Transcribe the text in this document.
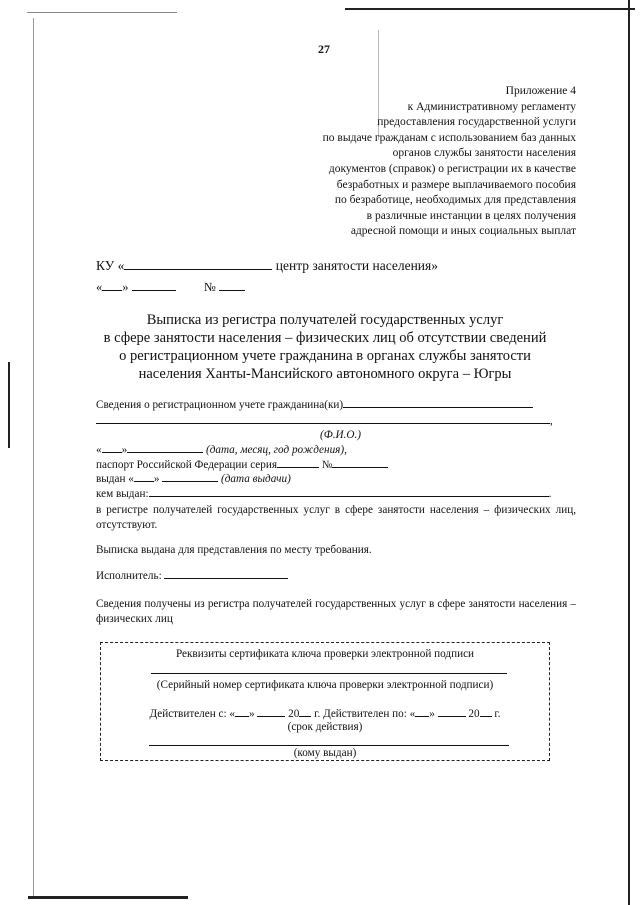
27
Приложение 4
к Административному регламенту
предоставления государственной услуги
по выдаче гражданам с использованием баз данных
органов службы занятости населения
документов (справок) о регистрации их в качестве
безработных и размере выплачиваемого пособия
по безработице, необходимых для представления
в различные инстанции в целях получения
адресной помощи и иных социальных выплат
КУ «	центр занятости населения»
« »	№
Выписка из регистра получателей государственных услуг
в сфере занятости населения – физических лиц об отсутствии сведений
о регистрационном учете гражданина в органах службы занятости
населения Ханты-Мансийского автономного округа – Югры
Сведения о регистрационном учете гражданина(ки)
,
(Ф.И.О.)
« »	(дата, месяц, год рождения),
паспорт Российской Федерации серия	№
выдан « »	(дата выдачи)
кем выдан:	.
в регистре получателей государственных услуг в сфере занятости населения – физических лиц, отсутствуют.
Выписка выдана для представления по месту требования.
Исполнитель:
Сведения получены из регистра получателей государственных услуг в сфере занятости населения – физических лиц
Реквизиты сертификата ключа проверки электронной подписи
(Серийный номер сертификата ключа проверки электронной подписи)
Действителен с: « »	20 г. Действителен по: « »	20 г.
(срок действия)
(кому выдан)
